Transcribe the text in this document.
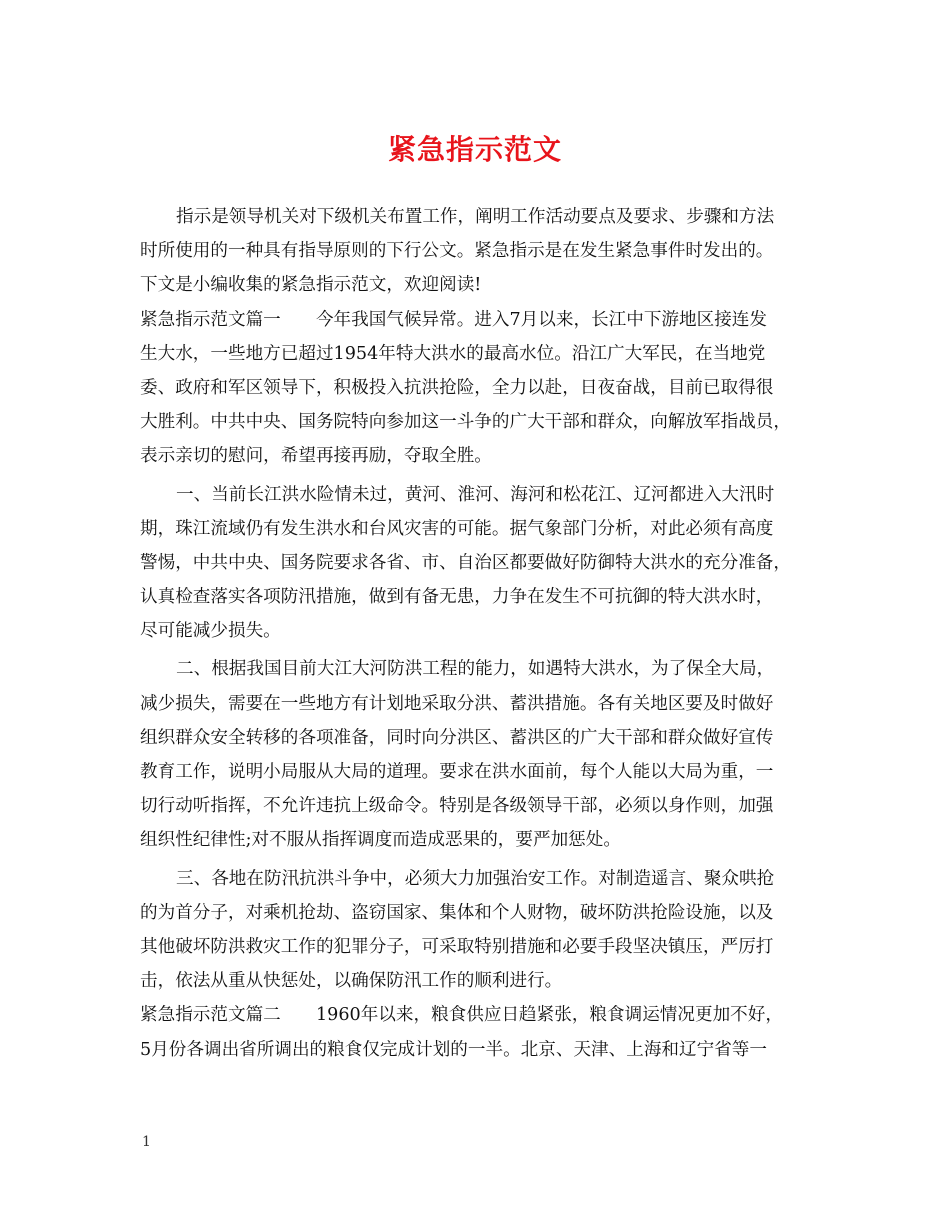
紧急指示范文
指示是领导机关对下级机关布置工作，阐明工作活动要点及要求、步骤和方法
时所使用的一种具有指导原则的下行公文。紧急指示是在发生紧急事件时发出的。
下文是小编收集的紧急指示范文，欢迎阅读!
紧急指示范文篇一　　今年我国气候异常。进入7月以来，长江中下游地区接连发
生大水，一些地方已超过1954年特大洪水的最高水位。沿江广大军民，在当地党
委、政府和军区领导下，积极投入抗洪抢险，全力以赴，日夜奋战，目前已取得很
大胜利。中共中央、国务院特向参加这一斗争的广大干部和群众，向解放军指战员，
表示亲切的慰问，希望再接再励，夺取全胜。
一、当前长江洪水险情未过，黄河、淮河、海河和松花江、辽河都进入大汛时
期，珠江流域仍有发生洪水和台风灾害的可能。据气象部门分析，对此必须有高度
警惕，中共中央、国务院要求各省、市、自治区都要做好防御特大洪水的充分准备，
认真检查落实各项防汛措施，做到有备无患，力争在发生不可抗御的特大洪水时，
尽可能减少损失。
二、根据我国目前大江大河防洪工程的能力，如遇特大洪水，为了保全大局，
减少损失，需要在一些地方有计划地采取分洪、蓄洪措施。各有关地区要及时做好
组织群众安全转移的各项准备，同时向分洪区、蓄洪区的广大干部和群众做好宣传
教育工作，说明小局服从大局的道理。要求在洪水面前，每个人能以大局为重，一
切行动听指挥，不允许违抗上级命令。特别是各级领导干部，必须以身作则，加强
组织性纪律性;对不服从指挥调度而造成恶果的，要严加惩处。
三、各地在防汛抗洪斗争中，必须大力加强治安工作。对制造遥言、聚众哄抢
的为首分子，对乘机抢劫、盗窃国家、集体和个人财物，破坏防洪抢险设施，以及
其他破坏防洪救灾工作的犯罪分子，可采取特别措施和必要手段坚决镇压，严厉打
击，依法从重从快惩处，以确保防汛工作的顺利进行。
紧急指示范文篇二　　1960年以来，粮食供应日趋紧张，粮食调运情况更加不好，
5月份各调出省所调出的粮食仅完成计划的一半。北京、天津、上海和辽宁省等一
1
